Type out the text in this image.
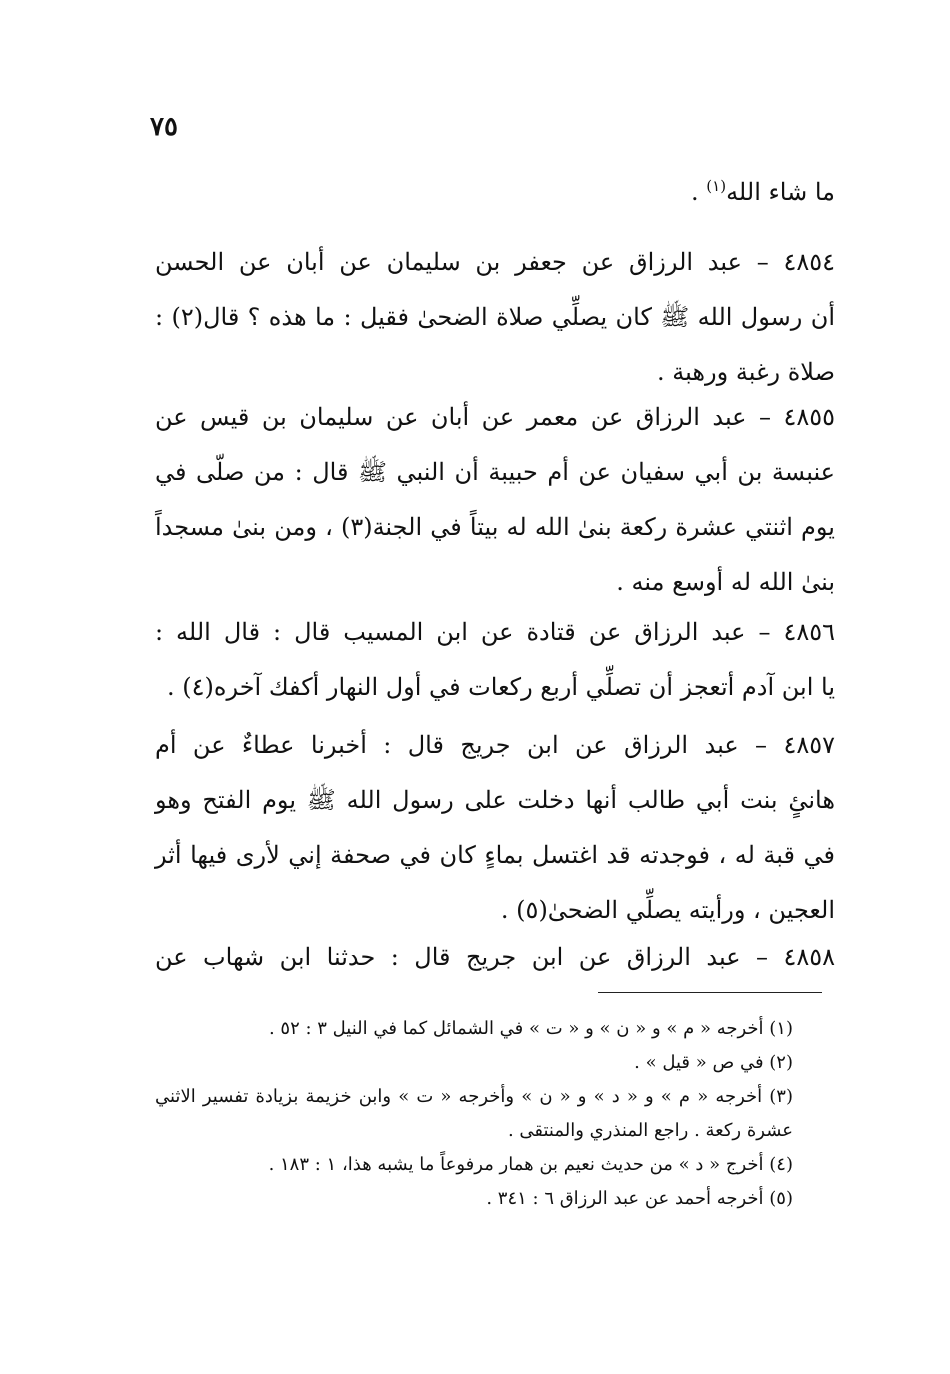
٧٥
ما شاء الله$^{(١)}$ .
٤٨٥٤ – عبد الرزاق عن جعفر بن سليمان عن أبان عن الحسن
أن رسول الله ﷺ كان يصلِّي صلاة الضحىٰ فقيل : ما هذه ؟ قال(٢) :
صلاة رغبة ورهبة .
٤٨٥٥ – عبد الرزاق عن معمر عن أبان عن سليمان بن قيس عن
عنبسة بن أبي سفيان عن أم حبيبة أن النبي ﷺ قال : من صلّى في
يوم اثنتي عشرة ركعة بنىٰ الله له بيتاً في الجنة(٣) ، ومن بنىٰ مسجداً
بنىٰ الله له أوسع منه .
٤٨٥٦ – عبد الرزاق عن قتادة عن ابن المسيب قال : قال الله :
يا ابن آدم أتعجز أن تصلِّي أربع ركعات في أول النهار أكفك آخره(٤) .
٤٨٥٧ – عبد الرزاق عن ابن جريج قال : أخبرنا عطاءٌ عن أم
هانئٍ بنت أبي طالب أنها دخلت على رسول الله ﷺ يوم الفتح وهو
في قبة له ، فوجدته قد اغتسل بماءٍ كان في صحفة إني لأرى فيها أثر
العجين ، ورأيته يصلِّي الضحىٰ(٥) .
٤٨٥٨ – عبد الرزاق عن ابن جريج قال : حدثنا ابن شهاب عن
(١) أخرجه « م » و « ن » و « ت » في الشمائل كما في النيل ٣ : ٥٢ .
(٢) في ص « قيل » .
(٣) أخرجه « م » و « د » و « ن » وأخرجه « ت » وابن خزيمة بزيادة تفسير الاثني عشرة ركعة . راجع المنذري والمنتقى .
(٤) أخرج « د » من حديث نعيم بن همار مرفوعاً ما يشبه هذا، ١ : ١٨٣ .
(٥) أخرجه أحمد عن عبد الرزاق ٦ : ٣٤١ .
